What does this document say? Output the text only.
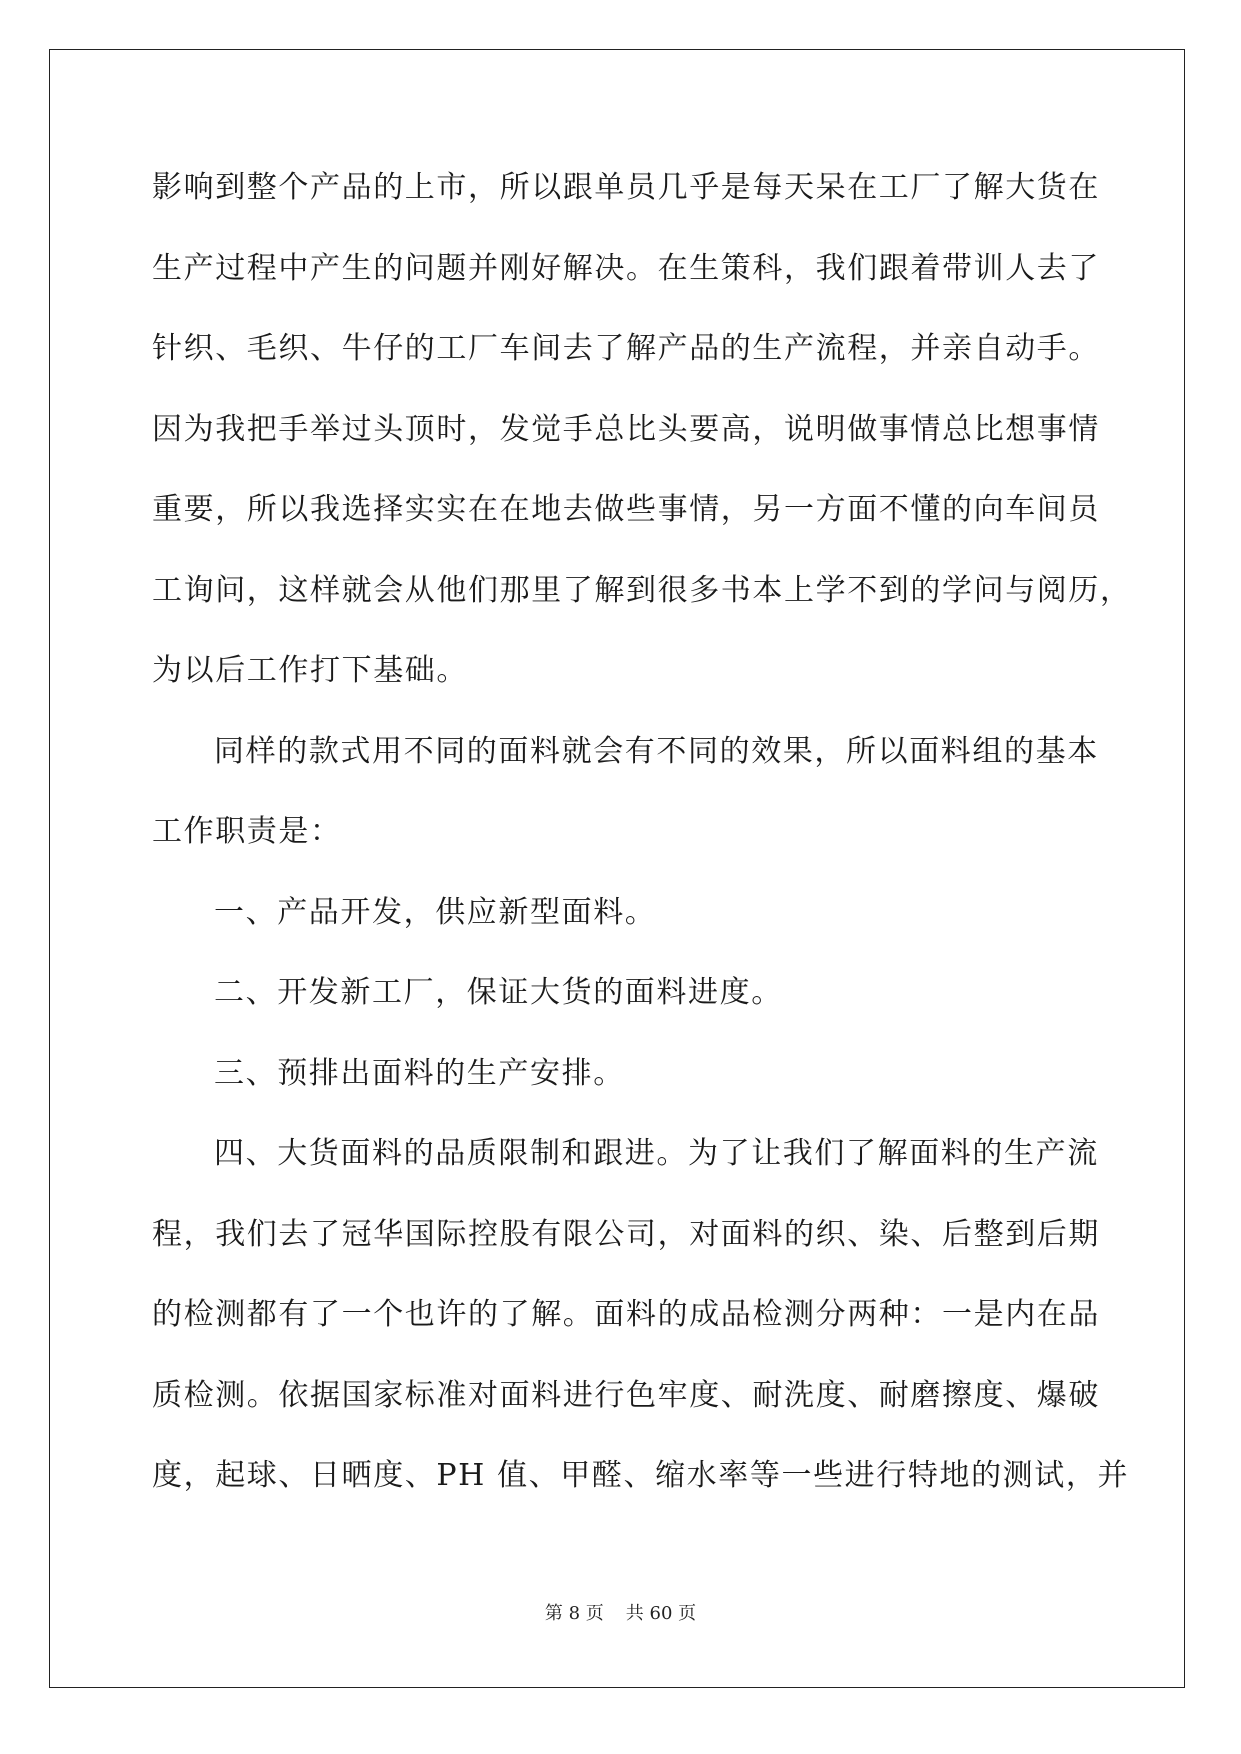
影响到整个产品的上市，所以跟单员几乎是每天呆在工厂了解大货在

生产过程中产生的问题并刚好解决。在生策科，我们跟着带训人去了

针织、毛织、牛仔的工厂车间去了解产品的生产流程，并亲自动手。

因为我把手举过头顶时，发觉手总比头要高，说明做事情总比想事情

重要，所以我选择实实在在地去做些事情，另一方面不懂的向车间员

工询问，这样就会从他们那里了解到很多书本上学不到的学问与阅历，

为以后工作打下基础。

同样的款式用不同的面料就会有不同的效果，所以面料组的基本

工作职责是：

一、产品开发，供应新型面料。

二、开发新工厂，保证大货的面料进度。

三、预排出面料的生产安排。

四、大货面料的品质限制和跟进。为了让我们了解面料的生产流

程，我们去了冠华国际控股有限公司，对面料的织、染、后整到后期

的检测都有了一个也许的了解。面料的成品检测分两种：一是内在品

质检测。依据国家标准对面料进行色牢度、耐洗度、耐磨擦度、爆破

度，起球、日晒度、PH 值、甲醛、缩水率等一些进行特地的测试，并

第 8 页 共 60 页
